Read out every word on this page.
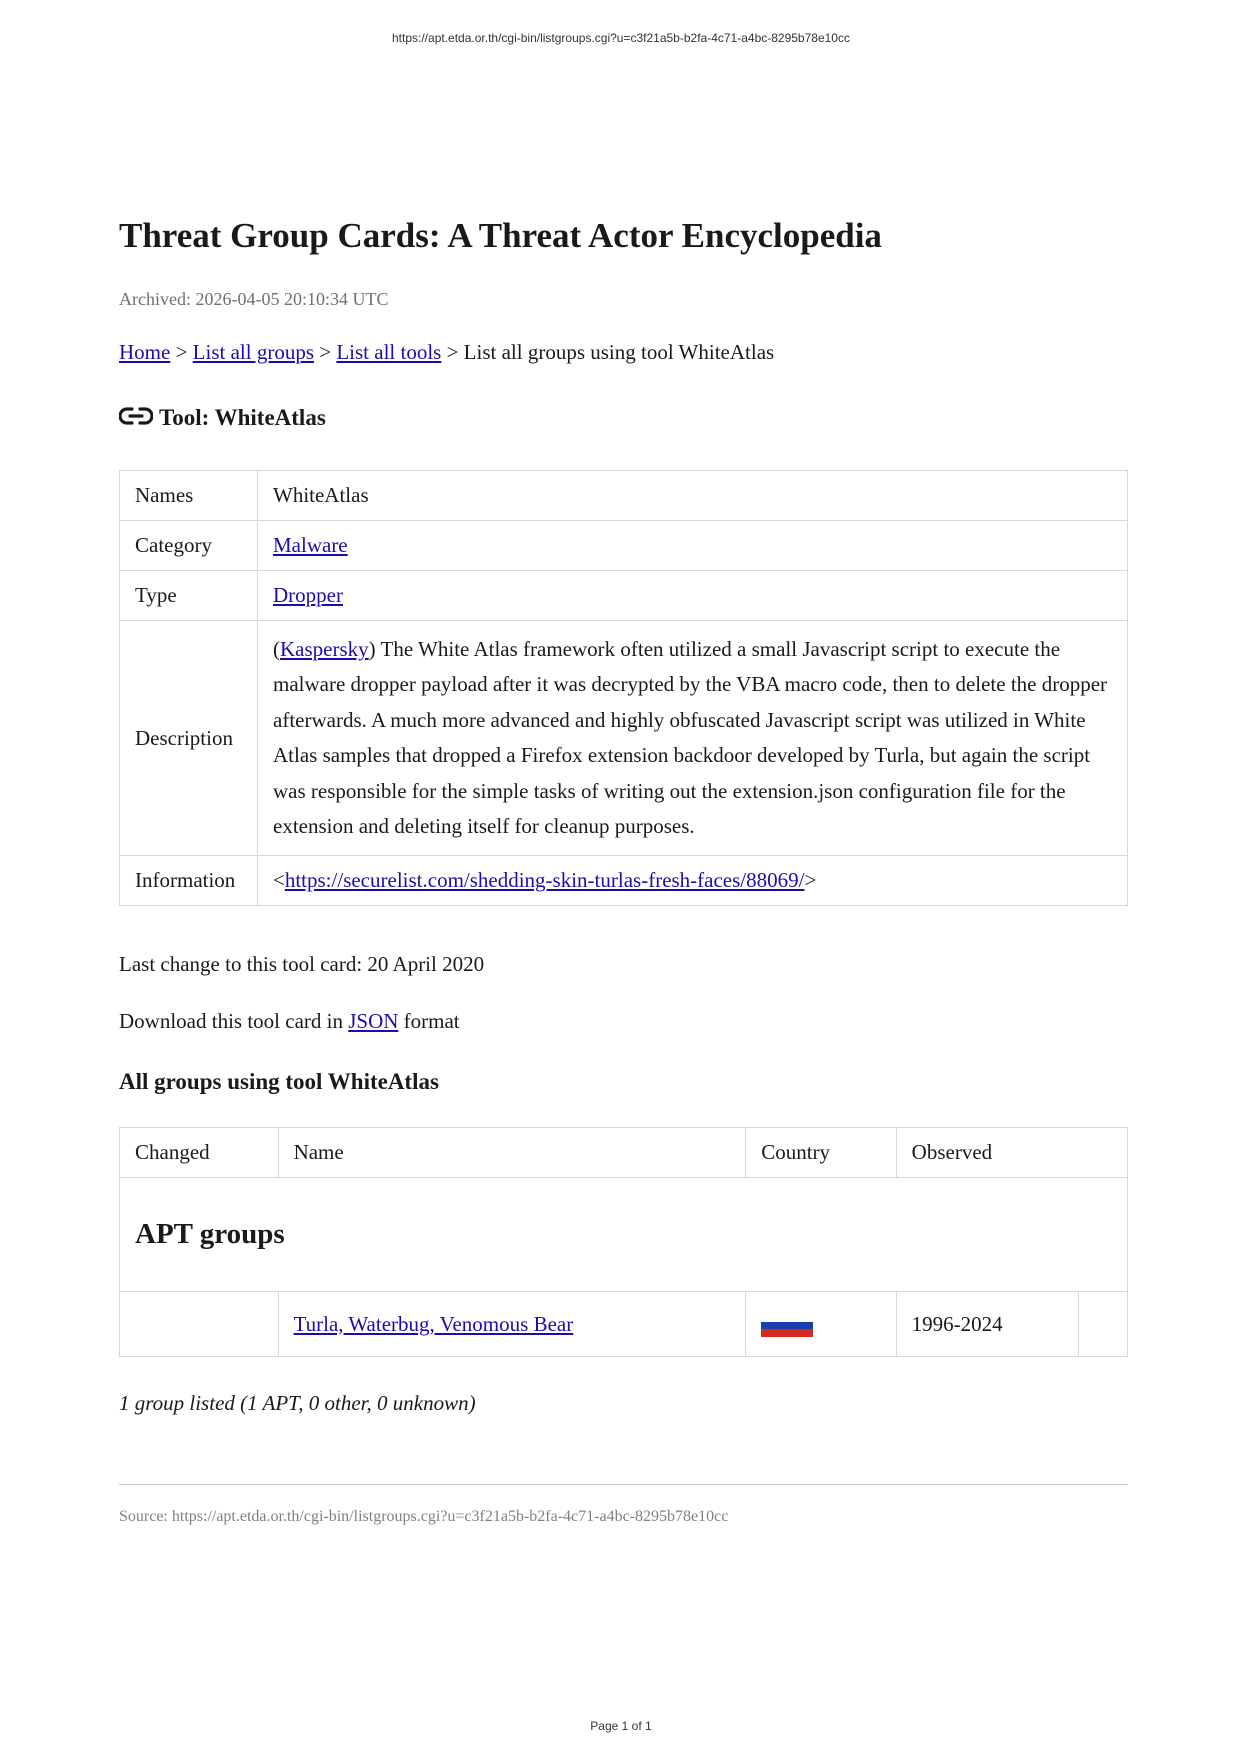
https://apt.etda.or.th/cgi-bin/listgroups.cgi?u=c3f21a5b-b2fa-4c71-a4bc-8295b78e10cc
Threat Group Cards: A Threat Actor Encyclopedia
Archived: 2026-04-05 20:10:34 UTC
Home > List all groups > List all tools > List all groups using tool WhiteAtlas
Tool: WhiteAtlas
Names	WhiteAtlas
Category	Malware
Type	Dropper
Description	(Kaspersky) The White Atlas framework often utilized a small Javascript script to execute the malware dropper payload after it was decrypted by the VBA macro code, then to delete the dropper afterwards. A much more advanced and highly obfuscated Javascript script was utilized in White Atlas samples that dropped a Firefox extension backdoor developed by Turla, but again the script was responsible for the simple tasks of writing out the extension.json configuration file for the extension and deleting itself for cleanup purposes.
Information	<https://securelist.com/shedding-skin-turlas-fresh-faces/88069/>
Last change to this tool card: 20 April 2020
Download this tool card in JSON format
All groups using tool WhiteAtlas
Changed	Name	Country	Observed	
APT groups				
	Turla, Waterbug, Venomous Bear		1996-2024	
1 group listed (1 APT, 0 other, 0 unknown)
Source: https://apt.etda.or.th/cgi-bin/listgroups.cgi?u=c3f21a5b-b2fa-4c71-a4bc-8295b78e10cc
Page 1 of 1
